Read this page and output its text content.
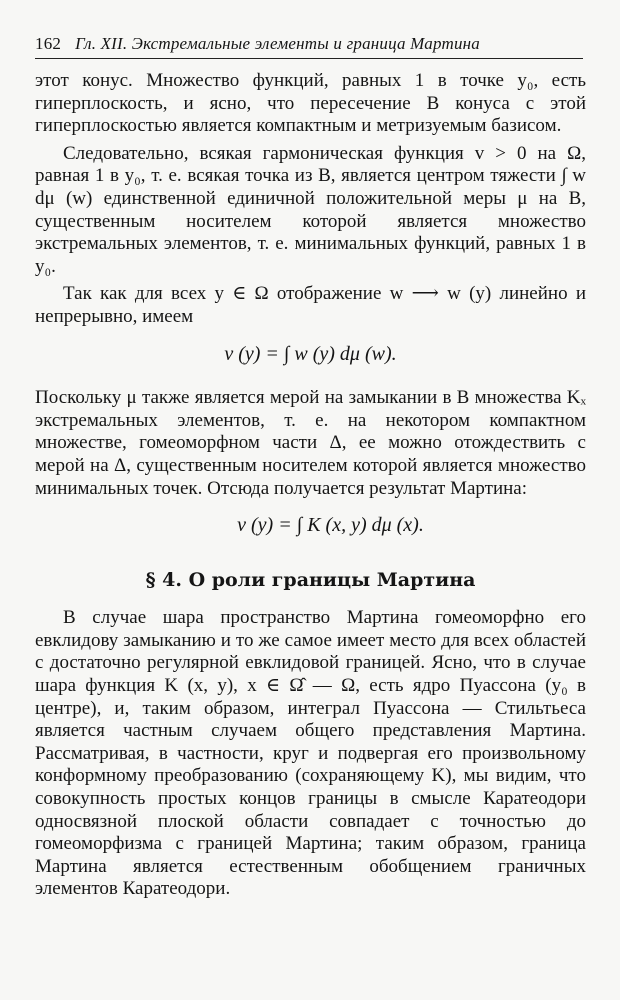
162 Гл. XII. Экстремальные элементы и граница Мартина

этот конус. Множество функций, равных 1 в точке y₀, есть гиперплоскость, и ясно, что пересечение B конуса с этой гиперплоскостью является компактным и метризуемым базисом.

Следовательно, всякая гармоническая функция v > 0 на Ω, равная 1 в y₀, т. е. всякая точка из B, является центром тяжести ∫ w dμ (w) единственной единичной положительной меры μ на B, существенным носителем которой является множество экстремальных элементов, т. е. минимальных функций, равных 1 в y₀.

Так как для всех y ∈ Ω отображение w ⟶ w (y) линейно и непрерывно, имеем

v (y) = ∫ w (y) dμ (w).

Поскольку μ также является мерой на замыкании в B множества Kₓ экстремальных элементов, т. е. на некотором компактном множестве, гомеоморфном части Δ, ее можно отождествить с мерой на Δ, существенным носителем которой является множество минимальных точек. Отсюда получается результат Мартина:

v (y) = ∫ K (x, y) dμ (x).
§ 4. О роли границы Мартина

В случае шара пространство Мартина гомеоморфно его евклидову замыканию и то же самое имеет место для всех областей с достаточно регулярной евклидовой границей. Ясно, что в случае шара функция K (x, y), x ∈ Ω̂ — Ω, есть ядро Пуассона (y₀ в центре), и, таким образом, интеграл Пуассона — Стильтьеса является частным случаем общего представления Мартина. Рассматривая, в частности, круг и подвергая его произвольному конформному преобразованию (сохраняющему K), мы видим, что совокупность простых концов границы в смысле Каратеодори односвязной плоской области совпадает с точностью до гомеоморфизма с границей Мартина; таким образом, граница Мартина является естественным обобщением граничных элементов Каратеодори.
